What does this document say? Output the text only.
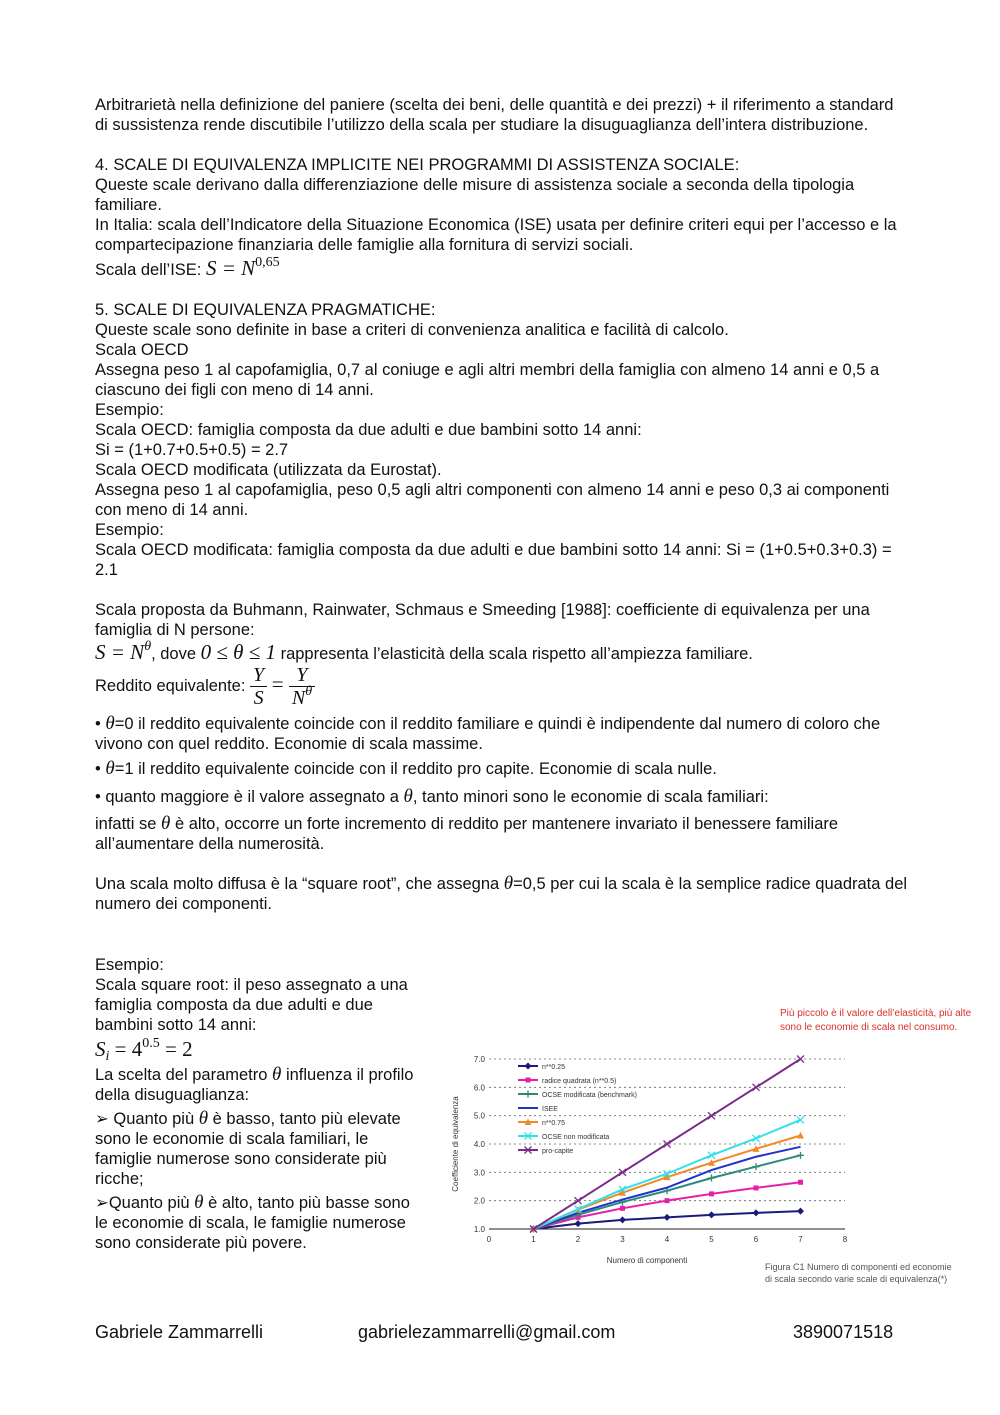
Arbitrarietà nella definizione del paniere (scelta dei beni, delle quantità e dei prezzi) + il riferimento a standard di sussistenza rende discutibile l’utilizzo della scala per studiare la disuguaglianza dell’intera distribuzione.

4. SCALE DI EQUIVALENZA IMPLICITE NEI PROGRAMMI DI ASSISTENZA SOCIALE:

Queste scale derivano dalla differenziazione delle misure di assistenza sociale a seconda della tipologia familiare.

In Italia: scala dell’Indicatore della Situazione Economica (ISE) usata per definire criteri equi per l’accesso e la compartecipazione finanziaria delle famiglie alla fornitura di servizi sociali.

Scala dell’ISE: S = N$^{0,65}$

5. SCALE DI EQUIVALENZA PRAGMATICHE:

Queste scale sono definite in base a criteri di convenienza analitica e facilità di calcolo.

Scala OECD

Assegna peso 1 al capofamiglia, 0,7 al coniuge e agli altri membri della famiglia con almeno 14 anni e 0,5 a ciascuno dei figli con meno di 14 anni.

Esempio:

Scala OECD: famiglia composta da due adulti e due bambini sotto 14 anni:

Si = (1+0.7+0.5+0.5) = 2.7

Scala OECD modificata (utilizzata da Eurostat).

Assegna peso 1 al capofamiglia, peso 0,5 agli altri componenti con almeno 14 anni e peso 0,3 ai componenti con meno di 14 anni.

Esempio:

Scala OECD modificata: famiglia composta da due adulti e due bambini sotto 14 anni: Si = (1+0.5+0.3+0.3) = 2.1

Scala proposta da Buhmann, Rainwater, Schmaus e Smeeding [1988]: coefficiente di equivalenza per una famiglia di N persone:

$S = N^\theta$, dove 0 ≤ θ ≤ 1 rappresenta l’elasticità della scala rispetto all’ampiezza familiare.

Reddito equivalente: $\frac{Y}{S} = \frac{Y}{N^\theta}$

• θ=0 il reddito equivalente coincide con il reddito familiare e quindi è indipendente dal numero di coloro che vivono con quel reddito. Economie di scala massime.

• θ=1 il reddito equivalente coincide con il reddito pro capite. Economie di scala nulle.

• quanto maggiore è il valore assegnato a θ, tanto minori sono le economie di scala familiari:

infatti se θ è alto, occorre un forte incremento di reddito per mantenere invariato il benessere familiare all’aumentare della numerosità.

Una scala molto diffusa è la “square root”, che assegna θ=0,5 per cui la scala è la semplice radice quadrata del numero dei componenti.

Esempio:

Scala square root: il peso assegnato a una famiglia composta da due adulti e due bambini sotto 14 anni:

$S_i = 4^{0.5} = 2$

La scelta del parametro θ influenza il profilo della disuguaglianza:

➢ Quanto più θ è basso, tanto più elevate sono le economie di scala familiari, le famiglie numerose sono considerate più ricche;

➢Quanto più θ è alto, tanto più basse sono le economie di scala, le famiglie numerose sono considerate più povere.

Più piccolo è il valore dell’elasticità, più alte
sono le economie di scala nel consumo.
1.0
2.0
3.0
4.0
5.0
6.0
7.0
0	1	2	3	4	5	6	7	8
Numero di componenti
Coefficiente di equivalenza
n**0.25
radice quadrata (n**0.5)
OCSE modificata (benchmark)
ISEE
n**0.75
OCSE non modificata
pro-capite
Figura C1 Numero di componenti ed economie
di scala secondo varie scale di equivalenza(*)
Gabriele Zammarrelli	gabrielezammarrelli@gmail.com	3890071518
